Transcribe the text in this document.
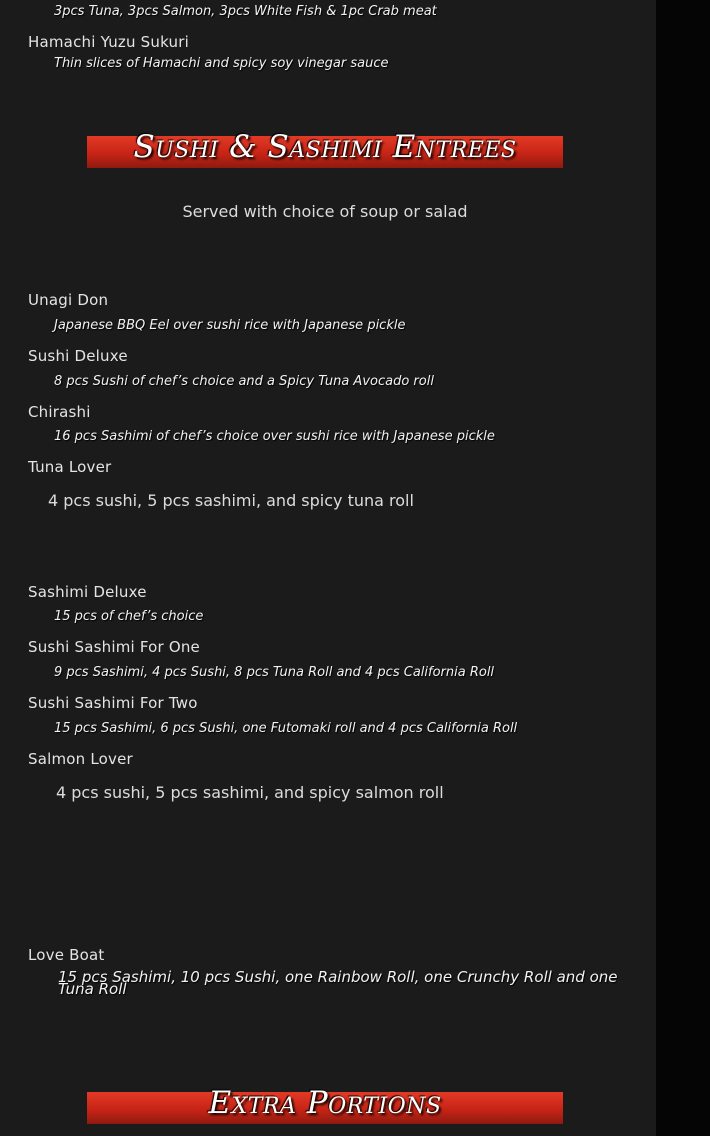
3pcs Tuna, 3pcs Salmon, 3pcs White Fish & 1pc Crab meat
Hamachi Yuzu Sukuri
Thin slices of Hamachi and spicy soy vinegar sauce
Sushi & Sashimi Entrees
Served with choice of soup or salad
Unagi Don
Japanese BBQ Eel over sushi rice with Japanese pickle
Sushi Deluxe
8 pcs Sushi of chef’s choice and a Spicy Tuna Avocado roll
Chirashi
16 pcs Sashimi of chef’s choice over sushi rice with Japanese pickle
Tuna Lover
4 pcs sushi, 5 pcs sashimi, and spicy tuna roll
Sashimi Deluxe
15 pcs of chef’s choice
Sushi Sashimi For One
9 pcs Sashimi, 4 pcs Sushi, 8 pcs Tuna Roll and 4 pcs California Roll
Sushi Sashimi For Two
15 pcs Sashimi, 6 pcs Sushi, one Futomaki roll and 4 pcs California Roll
Salmon Lover
4 pcs sushi, 5 pcs sashimi, and spicy salmon roll
Love Boat
15 pcs Sashimi, 10 pcs Sushi, one Rainbow Roll, one Crunchy Roll and one Tuna Roll
Extra Portions
